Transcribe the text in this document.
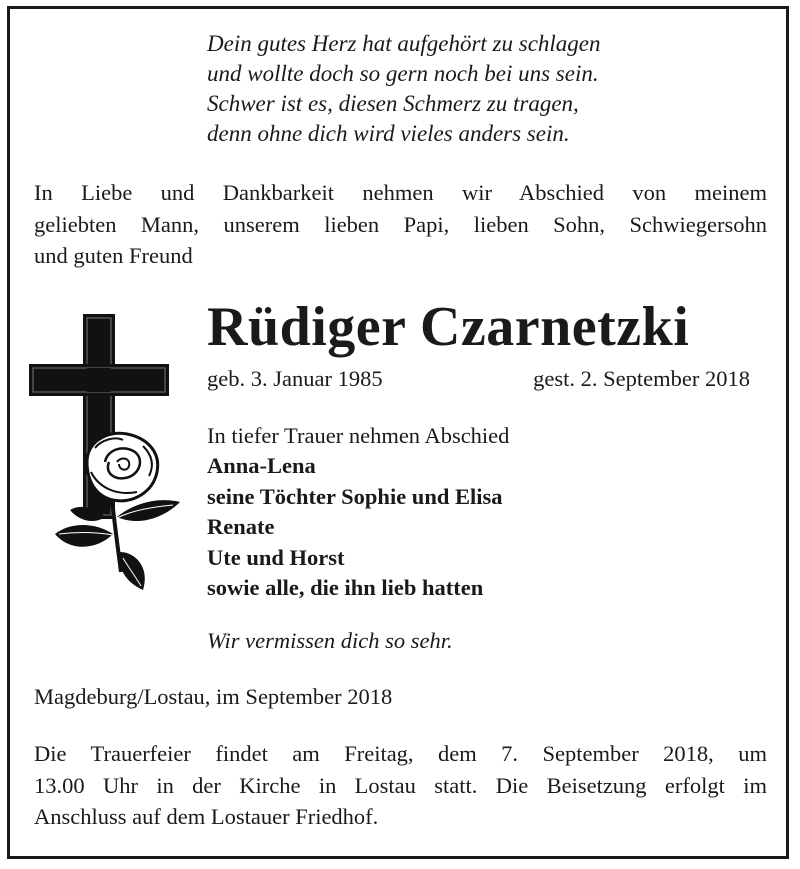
Dein gutes Herz hat aufgehört zu schlagen
und wollte doch so gern noch bei uns sein.
Schwer ist es, diesen Schmerz zu tragen,
denn ohne dich wird vieles anders sein.
In Liebe und Dankbarkeit nehmen wir Abschied von meinem
geliebten Mann, unserem lieben Papi, lieben Sohn, Schwiegersohn
und guten Freund
Rüdiger Czarnetzki
geb. 3. Januar 1985	gest. 2. September 2018
In tiefer Trauer nehmen Abschied
Anna-Lena
seine Töchter Sophie und Elisa
Renate
Ute und Horst
sowie alle, die ihn lieb hatten
Wir vermissen dich so sehr.
Magdeburg/Lostau, im September 2018
Die Trauerfeier findet am Freitag, dem 7. September 2018, um
13.00 Uhr in der Kirche in Lostau statt. Die Beisetzung erfolgt im
Anschluss auf dem Lostauer Friedhof.
